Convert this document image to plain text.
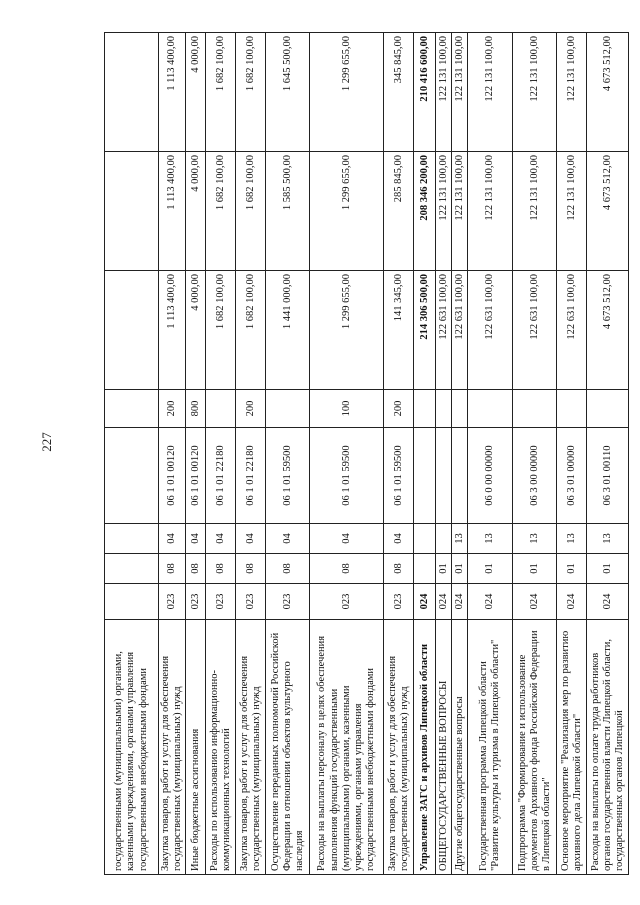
227
государственными (муниципальными) органами, казенными учреждениями, органами управления государственными внебюджетными фондами								
Закупка товаров, работ и услуг для обеспечения государственных (муниципальных) нужд	023	08	04	06 1 01 00120	200	1 113 400,00	1 113 400,00	1 113 400,00
Иные бюджетные ассигнования	023	08	04	06 1 01 00120	800	4 000,00	4 000,00	4 000,00
Расходы по использованию информационно-коммуникационных технологий	023	08	04	06 1 01 22180		1 682 100,00	1 682 100,00	1 682 100,00
Закупка товаров, работ и услуг для обеспечения государственных (муниципальных) нужд	023	08	04	06 1 01 22180	200	1 682 100,00	1 682 100,00	1 682 100,00
Осуществление переданных полномочий Российской Федерации в отношении объектов культурного наследия	023	08	04	06 1 01 59500		1 441 000,00	1 585 500,00	1 645 500,00
Расходы на выплаты персоналу в целях обеспечения выполнения функций государственными (муниципальными) органами, казенными учреждениями, органами управления государственными внебюджетными фондами	023	08	04	06 1 01 59500	100	1 299 655,00	1 299 655,00	1 299 655,00
Закупка товаров, работ и услуг для обеспечения государственных (муниципальных) нужд	023	08	04	06 1 01 59500	200	141 345,00	285 845,00	345 845,00
Управление ЗАГС и архивов Липецкой области	024					214 306 500,00	208 346 200,00	210 416 600,00
ОБЩЕГОСУДАРСТВЕННЫЕ ВОПРОСЫ	024	01				122 631 100,00	122 131 100,00	122 131 100,00
Другие общегосударственные вопросы	024	01	13			122 631 100,00	122 131 100,00	122 131 100,00
Государственная программа Липецкой области "Развитие культуры и туризма в Липецкой области"	024	01	13	06 0 00 00000		122 631 100,00	122 131 100,00	122 131 100,00
Подпрограмма "Формирование и использование документов Архивного фонда Российской Федерации в Липецкой области"	024	01	13	06 3 00 00000		122 631 100,00	122 131 100,00	122 131 100,00
Основное мероприятие "Реализация мер по развитию архивного дела Липецкой области"	024	01	13	06 3 01 00000		122 631 100,00	122 131 100,00	122 131 100,00
Расходы на выплаты по оплате труда работников органов государственной власти Липецкой области, государственных органов Липецкой	024	01	13	06 3 01 00110		4 673 512,00	4 673 512,00	4 673 512,00
